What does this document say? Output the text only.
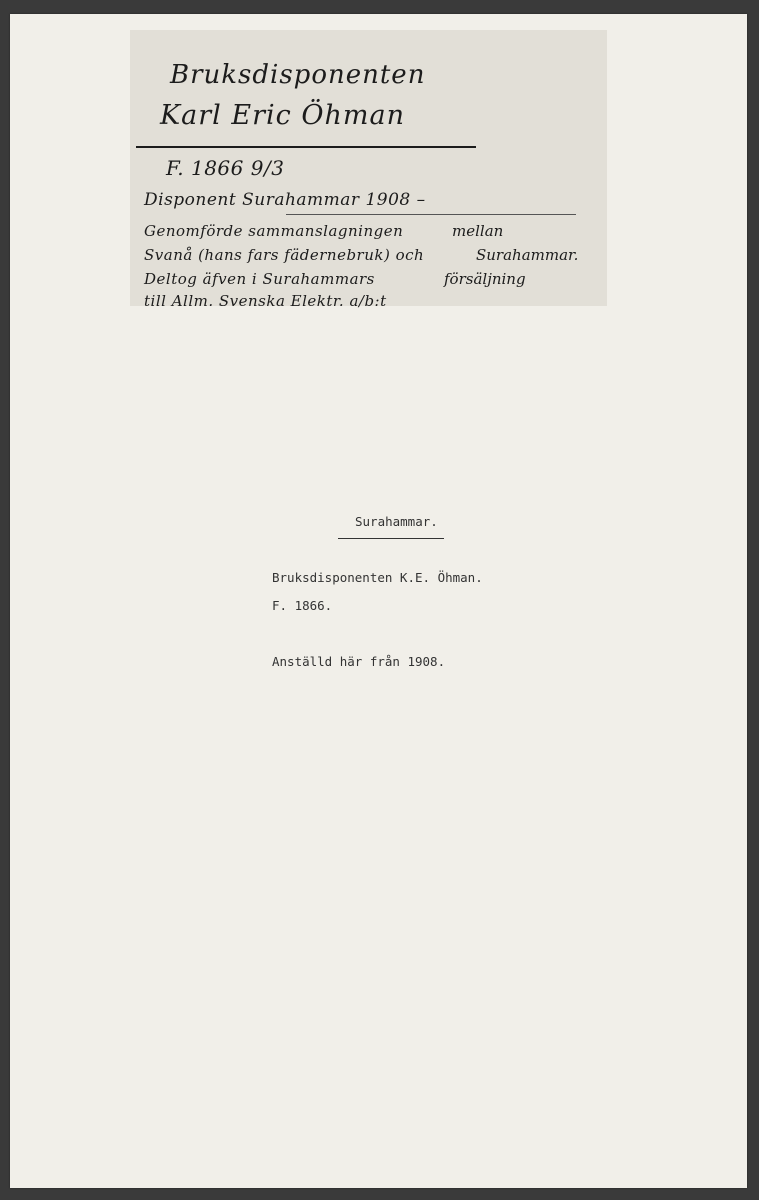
Bruksdisponenten
Karl Eric Öhman
F. 1866 9/3
Disponent Surahammar 1908 –
Genomförde sammanslagningen	mellan
Svanå (hans fars fädernebruk) och	Surahammar.
Deltog äfven i Surahammars	försäljning
till Allm. Svenska Elektr. a/b:t
Surahammar.
Bruksdisponenten K.E. Öhman.
F. 1866.
Anställd här från 1908.
